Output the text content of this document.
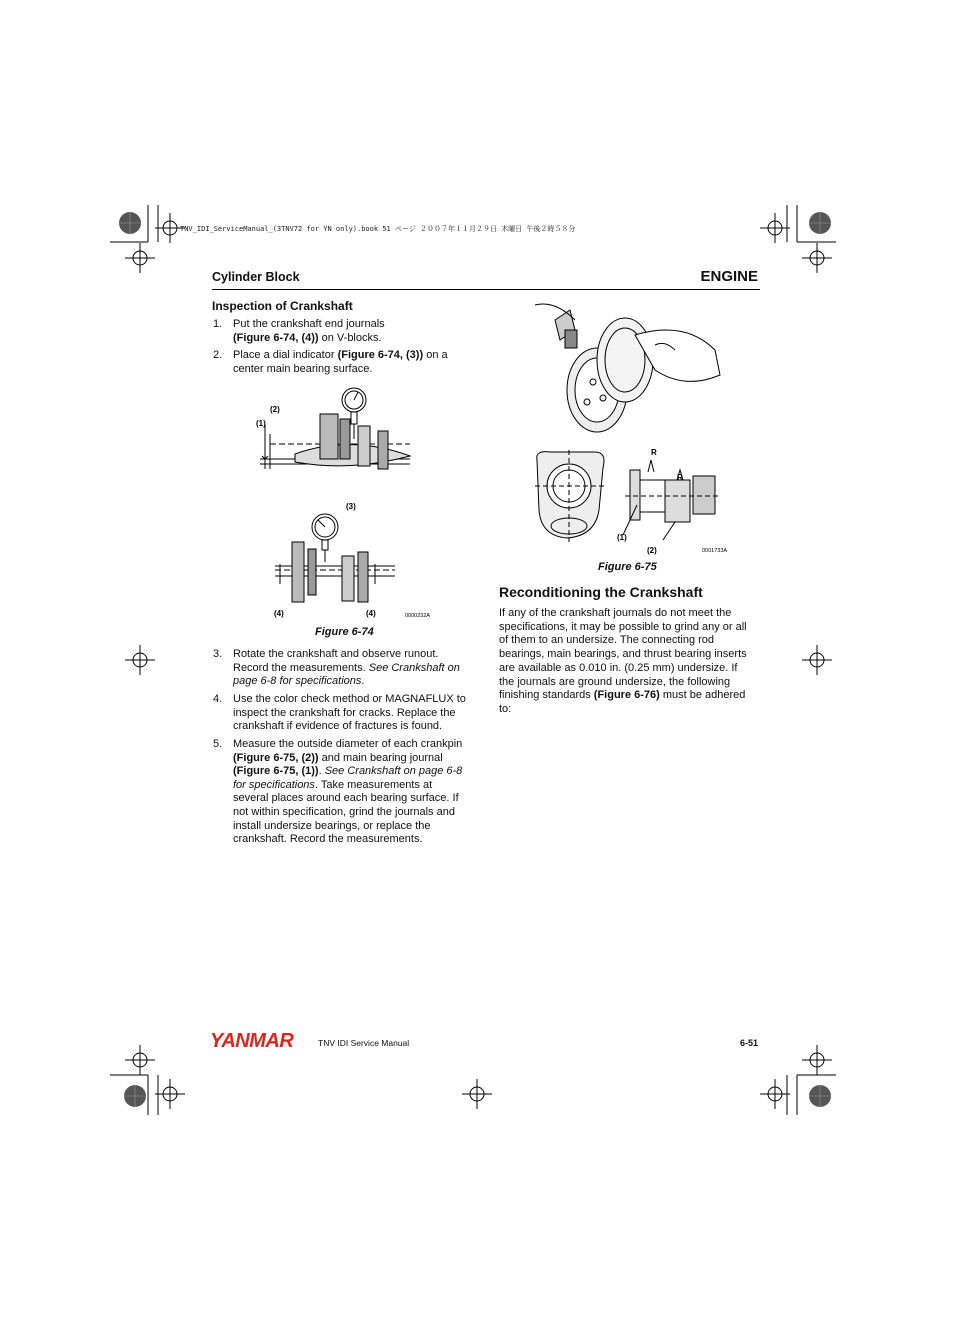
TNV_IDI_ServiceManual_(3TNV72 for YN only).book 51 ページ ２００７年１１月２９日 木曜日 午後２時５８分
Cylinder Block	ENGINE
Inspection of Crankshaft
1. Put the crankshaft end journals
(Figure 6-74, (4)) on V-blocks.
2. Place a dial indicator (Figure 6-74, (3)) on a
center main bearing surface.
(2)
(1)
(3)
(4)	(4)	0000232A
Figure 6-74
3. Rotate the crankshaft and observe runout.
Record the measurements. See Crankshaft on
page 6-8 for specifications.
4. Use the color check method or MAGNAFLUX to
inspect the crankshaft for cracks. Replace the
crankshaft if evidence of fractures is found.
5. Measure the outside diameter of each crankpin
(Figure 6-75, (2)) and main bearing journal
(Figure 6-75, (1)). See Crankshaft on page 6-8
for specifications. Take measurements at
several places around each bearing surface. If
not within specification, grind the journals and
install undersize bearings, or replace the
crankshaft. Record the measurements.
R
R
(1)
(2)	0001733A
Figure 6-75
Reconditioning the Crankshaft
If any of the crankshaft journals do not meet the
specifications, it may be possible to grind any or all
of them to an undersize. The connecting rod
bearings, main bearings, and thrust bearing inserts
are available as 0.010 in. (0.25 mm) undersize. If
the journals are ground undersize, the following
finishing standards (Figure 6-76) must be adhered
to:
YANMAR	TNV IDI Service Manual	6-51
